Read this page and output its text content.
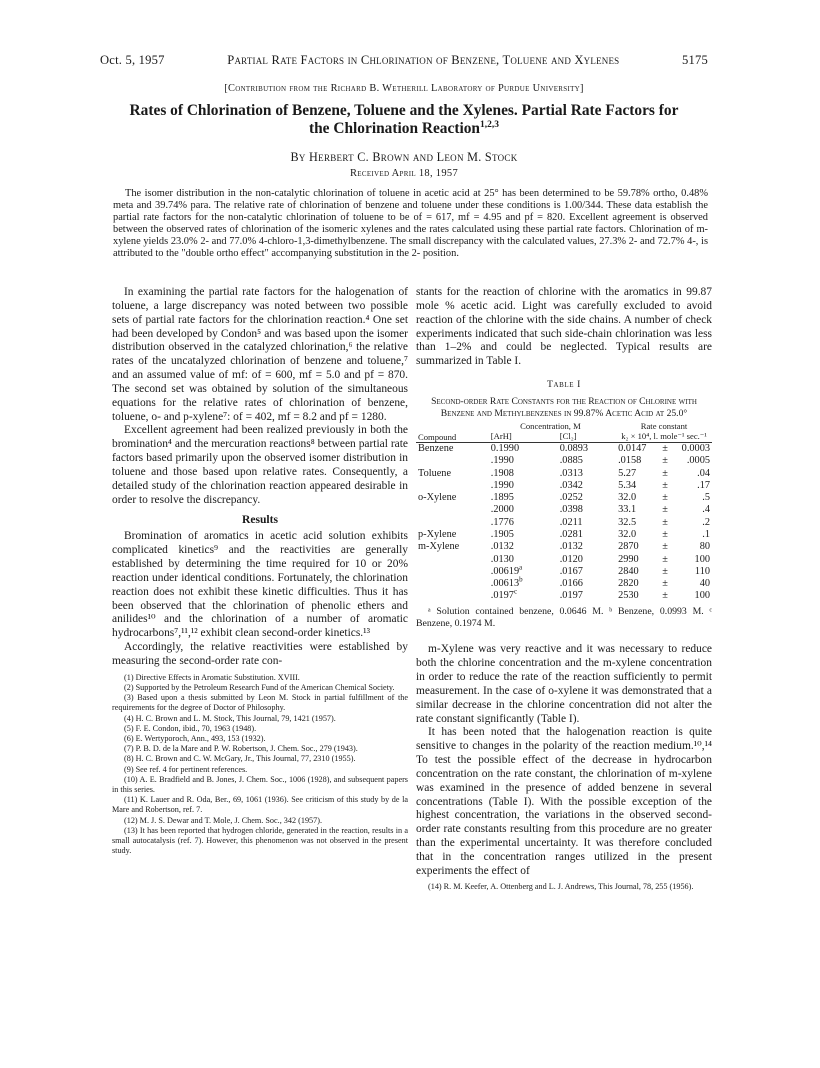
Oct. 5, 1957	Partial Rate Factors in Chlorination of Benzene, Toluene and Xylenes	5175
[Contribution from the Richard B. Wetherill Laboratory of Purdue University]
Rates of Chlorination of Benzene, Toluene and the Xylenes. Partial Rate Factors for
the Chlorination Reaction$^{1,2,3}$
By Herbert C. Brown and Leon M. Stock
Received April 18, 1957
The isomer distribution in the non-catalytic chlorination of toluene in acetic acid at 25° has been determined to be 59.78% ortho, 0.48% meta and 39.74% para. The relative rate of chlorination of benzene and toluene under these conditions is 1.00/344. These data establish the partial rate factors for the non-catalytic chlorination of toluene to be of = 617, mf = 4.95 and pf = 820. Excellent agreement is observed between the observed rates of chlorination of the isomeric xylenes and the rates calculated using these partial rate factors. Chlorination of m-xylene yields 23.0% 2- and 77.0% 4-chloro-1,3-dimethylbenzene. The small discrepancy with the calculated values, 27.3% 2- and 72.7% 4-, is attributed to the "double ortho effect" accompanying substitution in the 2- position.

In examining the partial rate factors for the halogenation of toluene, a large discrepancy was noted between two possible sets of partial rate factors for the chlorination reaction.⁴ One set had been developed by Condon⁵ and was based upon the isomer distribution observed in the catalyzed chlorination,⁶ the relative rates of the uncatalyzed chlorination of benzene and toluene,⁷ and an assumed value of mf: of = 600, mf = 5.0 and pf = 870. The second set was obtained by solution of the simultaneous equations for the relative rates of chlorination of benzene, toluene, o- and p-xylene⁷: of = 402, mf = 8.2 and pf = 1280.

Excellent agreement had been realized previously in both the bromination⁴ and the mercuration reactions⁸ between partial rate factors based primarily upon the observed isomer distribution in toluene and those based upon relative rates. Consequently, a detailed study of the chlorination reaction appeared desirable in order to resolve the discrepancy.

Results

Bromination of aromatics in acetic acid solution exhibits complicated kinetics⁹ and the reactivities are generally established by determining the time required for 10 or 20% reaction under identical conditions. Fortunately, the chlorination reaction does not exhibit these kinetic difficulties. Thus it has been observed that the chlorination of phenolic ethers and anilides¹⁰ and the chlorination of a number of aromatic hydrocarbons⁷,¹¹,¹² exhibit clean second-order kinetics.¹³

Accordingly, the relative reactivities were established by measuring the second-order rate con-

(1) Directive Effects in Aromatic Substitution. XVIII.
(2) Supported by the Petroleum Research Fund of the American Chemical Society.
(3) Based upon a thesis submitted by Leon M. Stock in partial fulfillment of the requirements for the degree of Doctor of Philosophy.
(4) H. C. Brown and L. M. Stock, This Journal, 79, 1421 (1957).
(5) F. E. Condon, ibid., 70, 1963 (1948).
(6) E. Wertyporoch, Ann., 493, 153 (1932).
(7) P. B. D. de la Mare and P. W. Robertson, J. Chem. Soc., 279 (1943).
(8) H. C. Brown and C. W. McGary, Jr., This Journal, 77, 2310 (1955).
(9) See ref. 4 for pertinent references.
(10) A. E. Bradfield and B. Jones, J. Chem. Soc., 1006 (1928), and subsequent papers in this series.
(11) K. Lauer and R. Oda, Ber., 69, 1061 (1936). See criticism of this study by de la Mare and Robertson, ref. 7.
(12) M. J. S. Dewar and T. Mole, J. Chem. Soc., 342 (1957).
(13) It has been reported that hydrogen chloride, generated in the reaction, results in a small autocatalysis (ref. 7). However, this phenomenon was not observed in the present study.

stants for the reaction of chlorine with the aromatics in 99.87 mole % acetic acid. Light was carefully excluded to avoid reaction of the chlorine with the side chains. A number of check experiments indicated that such side-chain chlorination was less than 1–2% and could be neglected. Typical results are summarized in Table I.

Table I
Second-order Rate Constants for the Reaction of Chlorine with Benzene and Methylbenzenes in 99.87% Acetic Acid at 25.0°
Compound	Concentration, M		Rate constant		
	[ArH]	[Cl₂]	k₂ × 10⁴, l. mole⁻¹ sec.⁻¹		
Benzene	0.1990	0.0893	0.0147	±	0.0003
	.1990	.0885	.0158	±	.0005
Toluene	.1908	.0313	5.27	±	.04
	.1990	.0342	5.34	±	.17
o-Xylene	.1895	.0252	32.0	±	.5
	.2000	.0398	33.1	±	.4
	.1776	.0211	32.5	±	.2
p-Xylene	.1905	.0281	32.0	±	.1
m-Xylene	.0132	.0132	2870	±	80
	.0130	.0120	2990	±	100
	.00619$^a$	.0167	2840	±	110
	.00613$^b$	.0166	2820	±	40
	.0197$^c$	.0197	2530	±	100
ᵃ Solution contained benzene, 0.0646 M. ᵇ Benzene, 0.0993 M. ᶜ Benzene, 0.1974 M.

m-Xylene was very reactive and it was necessary to reduce both the chlorine concentration and the m-xylene concentration in order to reduce the rate of the reaction sufficiently to permit measurement. In the case of o-xylene it was demonstrated that a similar decrease in the chlorine concentration did not alter the rate constant significantly (Table I).

It has been noted that the halogenation reaction is quite sensitive to changes in the polarity of the reaction medium.¹⁰,¹⁴ To test the possible effect of the decrease in hydrocarbon concentration on the rate constant, the chlorination of m-xylene was examined in the presence of added benzene in several concentrations (Table I). With the possible exception of the highest concentration, the variations in the observed second-order rate constants resulting from this procedure are no greater than the experimental uncertainty. It was therefore concluded that in the concentration ranges utilized in the present experiments the effect of

(14) R. M. Keefer, A. Ottenberg and L. J. Andrews, This Journal, 78, 255 (1956).
